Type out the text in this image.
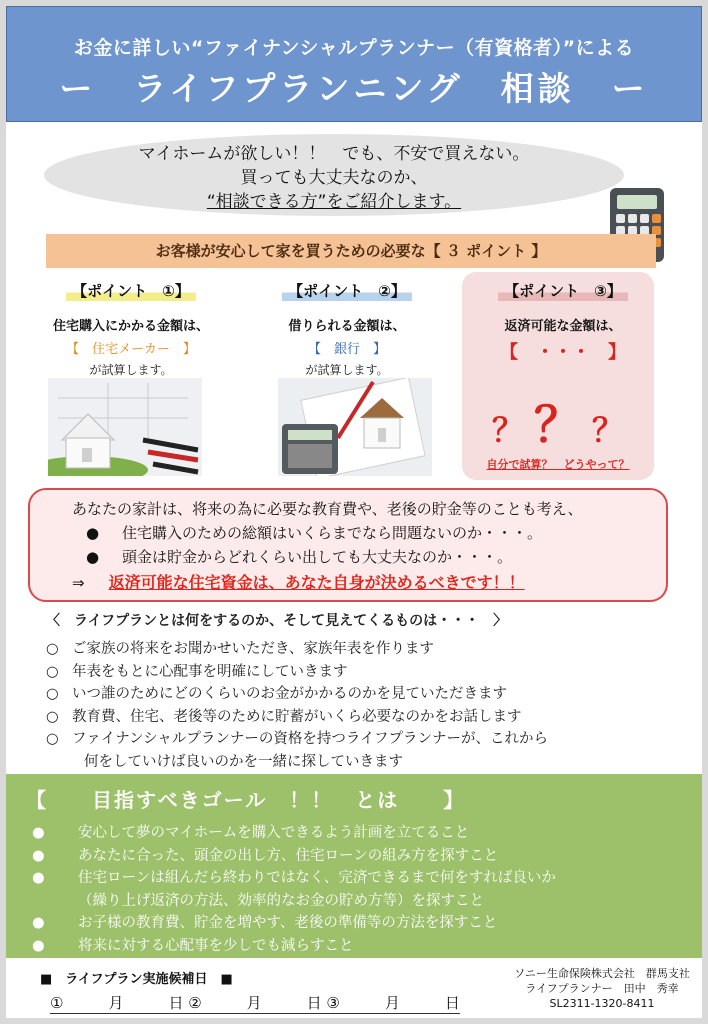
お金に詳しい“ファイナンシャルプランナー（有資格者）”による
ー　ライフプランニング　相談　ー
マイホームが欲しい！！　でも、不安で買えない。
買っても大丈夫なのか、
“相談できる方”をご紹介します。
お客様が安心して家を買うための必要な【 ３ ポイント 】
【ポイント　①】
住宅購入にかかる金額は、
【　住宅メーカー　】
が試算します。
【ポイント　②】
借りられる金額は、
【　銀行　】
が試算します。
【ポイント　③】
返済可能な金額は、
【　・・・　】
？ ？ ？
自分で試算？　どうやって？
あなたの家計は、将来の為に必要な教育費や、老後の貯金等のことも考え、
● 住宅購入のための総額はいくらまでなら問題ないのか・・・。
● 頭金は貯金からどれくらい出しても大丈夫なのか・・・。
⇒ 返済可能な住宅資金は、あなた自身が決めるべきです！！
〈　ライフプランとは何をするのか、そして見えてくるものは・・・　〉
○ ご家族の将来をお聞かせいただき、家族年表を作ります
○ 年表をもとに心配事を明確にしていきます
○ いつ誰のためにどのくらいのお金がかかるのかを見ていただきます
○ 教育費、住宅、老後等のために貯蓄がいくら必要なのかをお話します
○ ファイナンシャルプランナーの資格を持つライフプランナーが、これから
何をしていけば良いのかを一緒に探していきます
【　　目指すべきゴール　！！　とは　　】
● 安心して夢のマイホームを購入できるよう計画を立てること
● あなたに合った、頭金の出し方、住宅ローンの組み方を探すこと
● 住宅ローンは組んだら終わりではなく、完済できるまで何をすれば良いか
（繰り上げ返済の方法、効率的なお金の貯め方等）を探すこと
● お子様の教育費、貯金を増やす、老後の準備等の方法を探すこと
● 将来に対する心配事を少しでも減らすこと
■　ライフプラン実施候補日　■
①　　　月　　　日 ②　　　月　　　日 ③　　　月　　　日
ソニー生命保険株式会社　群馬支社
ライフプランナー　田中　秀幸
SL2311-1320-8411
